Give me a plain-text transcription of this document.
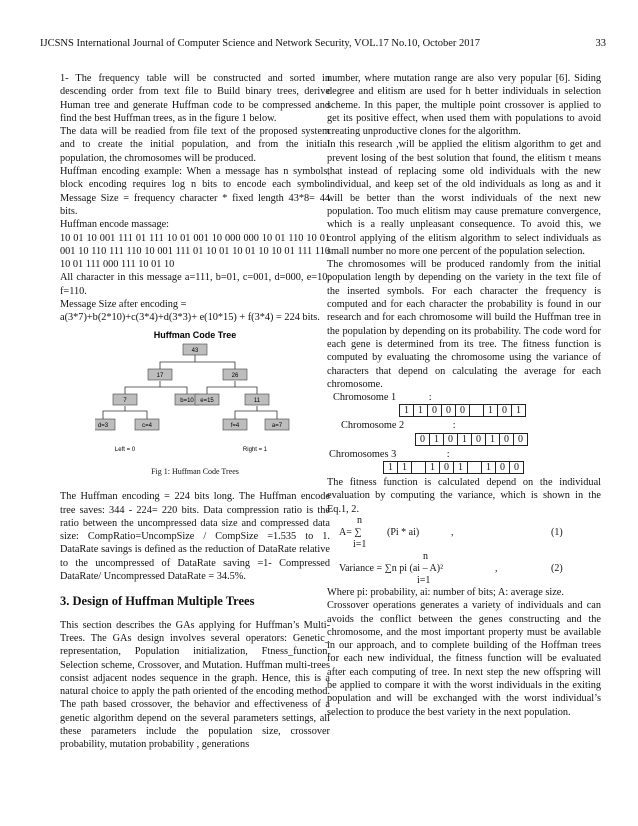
IJCSNS International Journal of Computer Science and Network Security, VOL.17 No.10, October 2017	33

1- The frequency table will be constructed and sorted in descending order from text file to Build binary trees, derive Human tree and generate Huffman code to be compressed and find the best Huffman trees, as in the figure 1 below.

The data will be readied from file text of the proposed system and to create the initial population, and from the initial population, the chromosomes will be produced.

Huffman encoding example: When a message has n symbols, block encoding requires log n bits to encode each symbol. Message Size = frequency character * fixed length 43*8= 44 bits.

Huffman encode massage:

10 01 10 001 111 01 111 10 01 001 10 000 000 10 01 110 10 01 001 10 110 111 110 10 001 111 01 10 01 10 01 10 10 01 111 110 10 01 111 000 111 10 01 10

All character in this message a=111, b=01, c=001, d=000, e=10, f=110.

Message Size after encoding =

a(3*7)+b(2*10)+c(3*4)+d(3*3)+ e(10*15) + f(3*4) = 224 bits.

Huffman Code Tree
43
17	26
7	b=10 e=15	11
d=3	c=4	f=4	a=7
Left = 0	Right = 1

Fig 1: Huffman Code Trees

The Huffman encoding = 224 bits long. The Huffman encode tree saves: 344 - 224= 220 bits. Data compression ratio is the ratio between the uncompressed data size and compressed data size: CompRatio=UncompSize / CompSize =1.535 to 1. DataRate savings is defined as the reduction of DataRate relative to the uncompressed of DataRate saving =1- Compressed DataRate/ Uncompressed DataRate = 34.5%.

3. Design of Huffman Multiple Trees

This section describes the GAs applying for Huffman’s Multi-Trees. The GAs design involves several operators: Genetic_ representation, Population initialization, Ftness_function, Selection scheme, Crossover, and Mutation. Huffman multi-trees consist adjacent nodes sequence in the graph. Hence, this is a natural choice to apply the path oriented of the encoding method. The path based crossover, the behavior and effectiveness of a genetic algorithm depend on the several parameters settings, all these parameters include the population size, crossover probability, mutation probability , generations

number, where mutation range are also very popular [6]. Siding degree and elitism are used for h better individuals in selection scheme. In this paper, the multiple point crossover is applied to get its positive effect, when used them with populations to avoid creating unproductive clones for the algorithm.

In this research ,will be applied the elitism algorithm to get and prevent losing of the best solution that found, the elitism t means that instead of replacing some old individuals with the new individual, and keep set of the old individuals as long as and it will be better than the worst individuals of the next new population. Too much elitism may cause premature convergence, which is a really unpleasant consequence. To avoid this, we control applying of the elitism algorithm to select individuals as small number no more one percent of the population selection.

The chromosomes will be produced randomly from the initial population length by depending on the variety in the text file of the inserted symbols. For each character the frequency is computed and for each character the probability is found in our research and for each chromosome will build the Huffman tree in the population by depending on its probability. The code word for each gene is determined from its tree. The fitness function is computed by evaluating the chromosome using the variance of characters that depend on calculating the average for each chromosome.

Chromosome 1	:

1	1	0	0	0		1	0	1

Chromosome 2	:

0	1	0	1	0	1	0	0

Chromosomes 3	:

1	1		1	0	1		1	0	0

The fitness function is calculated depend on the individual evaluation by computing the variance, which is shown in the Eq.1, 2.

n
A= ∑	(Pi * ai)	,
i=1
(1)
n
Variance = ∑n pi (ai – A)²	,
i=1
(2)

Where pi: probability, ai: number of bits; A: average size.

Crossover operations generates a variety of individuals and can avoids the conflict between the genes constructing and the chromosome, and the most important property must be available in our approach, and to complete building of the Hoffman trees for each new individual, the fitness function will be evaluated after each computing of tree. In next step the new offspring will be applied to compare it with the worst individuals in the exiting population and will be exchanged with the worst individual’s selection to produce the best variety in the next population.
